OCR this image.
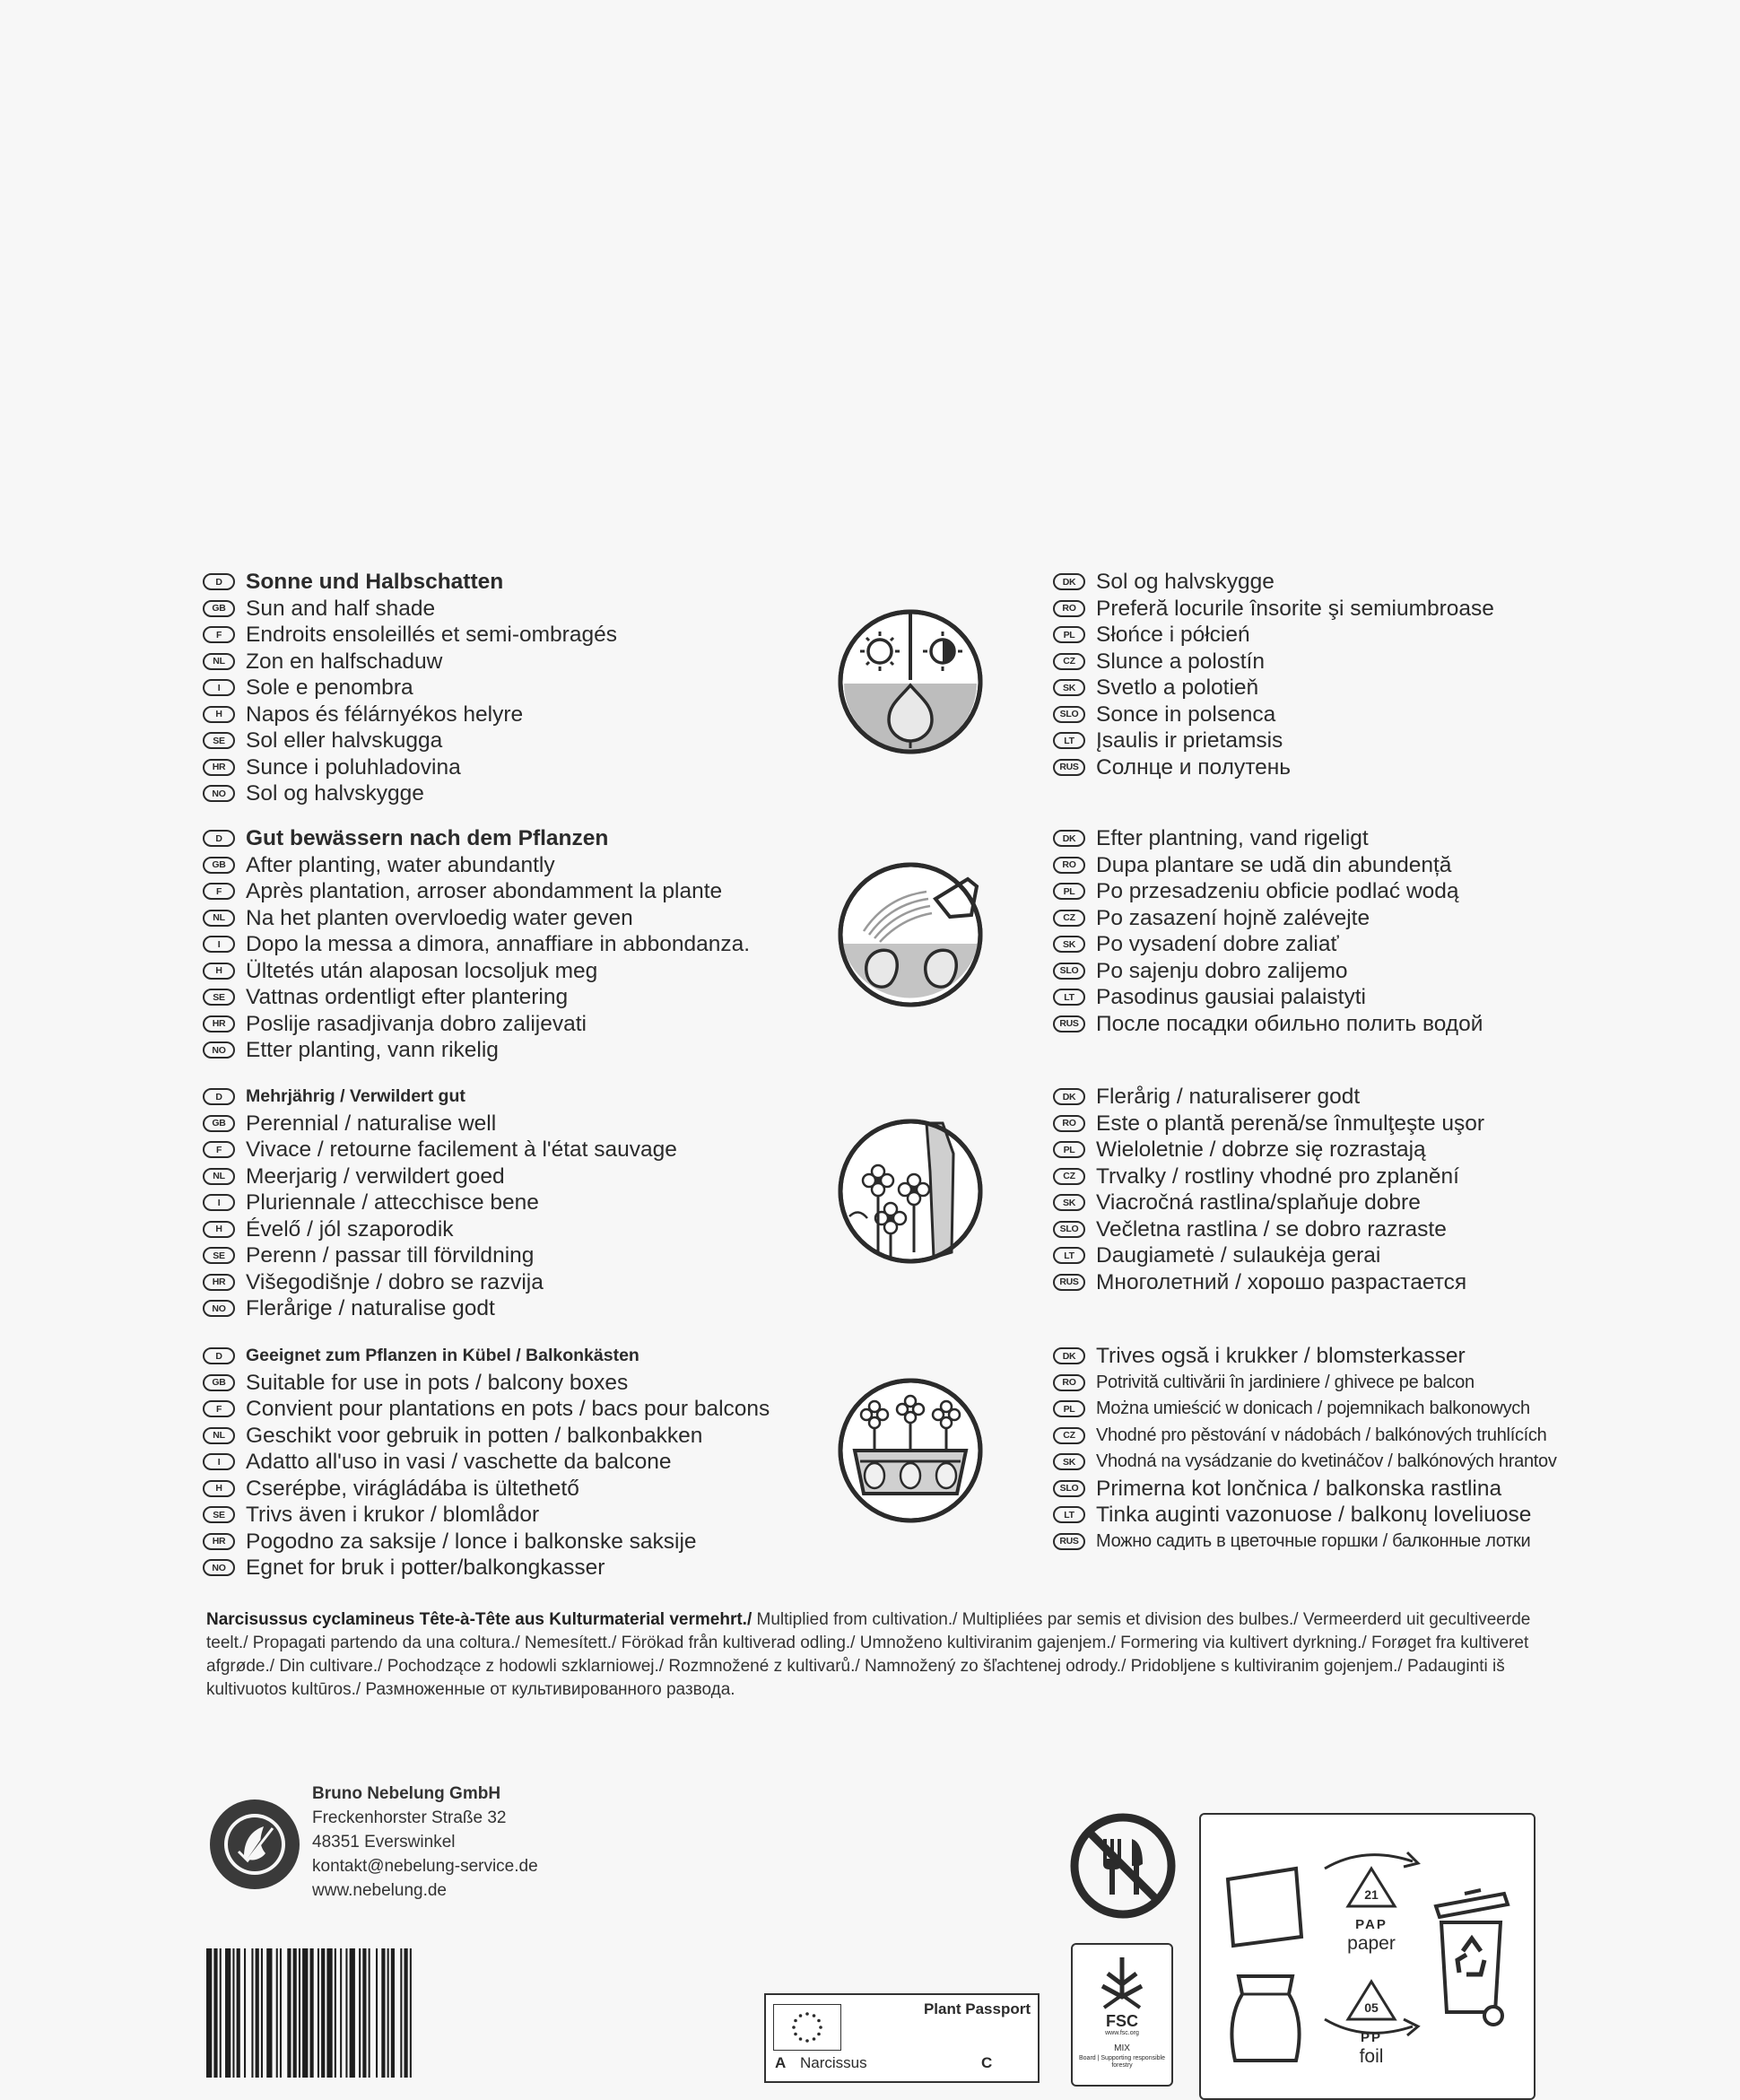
D	Sonne und Halbschatten
GB Sun and half shade
F	Endroits ensoleillés et semi-ombragés
NL Zon en halfschaduw
I	Sole e penombra
H	Napos és félárnyékos helyre
SE Sol eller halvskugga
HR Sunce i poluhladovina
NO Sol og halvskygge
DK Sol og halvskygge
RO Preferă locurile însorite şi semiumbroase
PL Słońce i półcień
CZ Slunce a polostín
SK Svetlo a polotieň
SLO Sonce in polsenca
LT Įsaulis ir prietamsis
RUS Солнце и полутень
D	Gut bewässern nach dem Pflanzen
GB After planting, water abundantly
F	Après plantation, arroser abondamment la plante
NL Na het planten overvloedig water geven
I	Dopo la messa a dimora, annaffiare in abbondanza.
H	Ültetés után alaposan locsoljuk meg
SE Vattnas ordentligt efter plantering
HR Poslije rasadjivanja dobro zalijevati
NO Etter planting, vann rikelig
DK Efter plantning, vand rigeligt
RO Dupa plantare se udă din abundență
PL Po przesadzeniu obficie podlać wodą
CZ Po zasazení hojně zalévejte
SK Po vysadení dobre zaliať
SLO Po sajenju dobro zalijemo
LT Pasodinus gausiai palaistyti
RUS После посадки обильно полить водой
D	Mehrjährig / Verwildert gut
GB Perennial / naturalise well
F	Vivace / retourne facilement à l'état sauvage
NL Meerjarig / verwildert goed
I	Pluriennale / attecchisce bene
H	Évelő / jól szaporodik
SE Perenn / passar till förvildning
HR Višegodišnje / dobro se razvija
NO Flerårige / naturalise godt
DK Flerårig / naturaliserer godt
RO Este o plantă perenă/se înmulţeşte uşor
PL Wieloletnie / dobrze się rozrastają
CZ Trvalky / rostliny vhodné pro zplanění
SK Viacročná rastlina/splaňuje dobre
SLO Večletna rastlina / se dobro razraste
LT Daugiametė / sulaukėja gerai
RUS Многолетний / хорошо разрастается
D	Geeignet zum Pflanzen in Kübel / Balkonkästen
GB Suitable for use in pots / balcony boxes
F	Convient pour plantations en pots / bacs pour balcons
NL Geschikt voor gebruik in potten / balkonbakken
I	Adatto all'uso in vasi / vaschette da balcone
H	Cserépbe, virágládába is ültethető
SE Trivs även i krukor / blomlådor
HR Pogodno za saksije / lonce i balkonske saksije
NO Egnet for bruk i potter/balkongkasser
DK Trives ogsă i krukker / blomsterkasser
RO	Potrivită cultivării în jardiniere / ghivece pe balcon
PL	Można umieścić w donicach / pojemnikach balkonowych
CZ	Vhodné pro pěstování v nádobách / balkónových truhlících
SK	Vhodná na vysádzanie do kvetináčov / balkónových hrantov
SLO Primerna kot lončnica / balkonska rastlina
LT Tinka auginti vazonuose / balkonų loveliuose
RUS Можно садить в цветочные горшки / балконные лотки
Narcisussus cyclamineus Tête-à-Tête aus Kulturmaterial vermehrt./ Multiplied from cultivation./ Multipliées par semis et division des bulbes./ Vermeerderd uit gecultiveerde teelt./ Propagati partendo da una coltura./ Nemesített./ Förökad från kultiverad odling./ Umnoženo kultiviranim gajenjem./ Formering via kultivert dyrkning./ Forøget fra kultiveret afgrøde./ Din cultivare./ Pochodzące z hodowli szklarniowej./ Rozmnožené z kultivarů./ Namnožený zo šľachtenej odrody./ Pridobljene s kultiviranim gojenjem./ Padauginti iš kultivuotos kultūros./ Размноженные от культивированного развода.
Bruno Nebelung GmbH
Freckenhorster Straße 32
48351 Everswinkel
kontakt@nebelung-service.de
www.nebelung.de
Plant Passport
A Narcissus	C
FSC
www.fsc.org
MIX
Board | Supporting responsible forestry
21
PAP
paper
05
PP
foil
